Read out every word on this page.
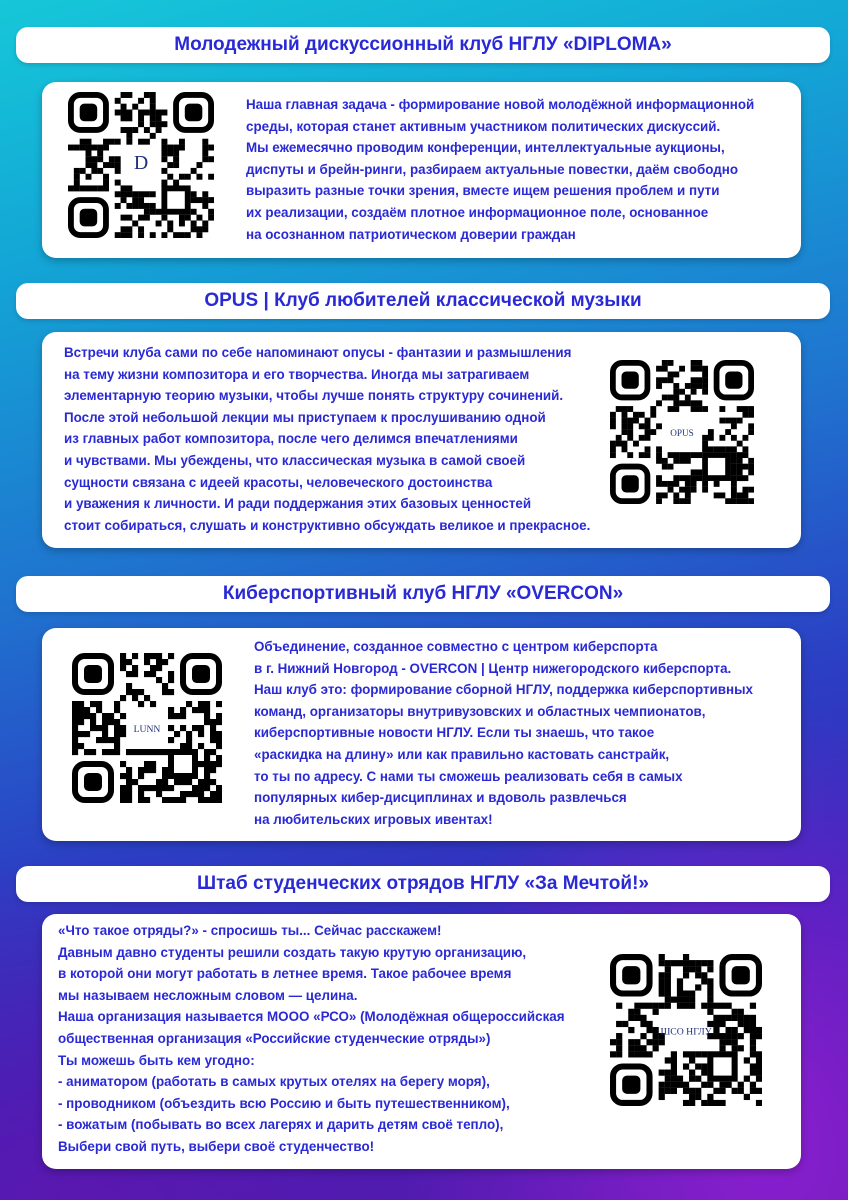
Молодежный дискуссионный клуб НГЛУ «DIPLOMA»
D
Наша главная задача - формирование новой молодёжной информационной
среды, которая станет активным участником политических дискуссий.
Мы ежемесячно проводим конференции, интеллектуальные аукционы,
диспуты и брейн-ринги, разбираем актуальные повестки, даём свободно
выразить разные точки зрения, вместе ищем решения проблем и пути
их реализации, создаём плотное информационное поле, основанное
на осознанном патриотическом доверии граждан
OPUS | Клуб любителей классической музыки
Встречи клуба сами по себе напоминают опусы - фантазии и размышления
на тему жизни композитора и его творчества. Иногда мы затрагиваем
элементарную теорию музыки, чтобы лучше понять структуру сочинений.
После этой небольшой лекции мы приступаем к прослушиванию одной
из главных работ композитора, после чего делимся впечатлениями
и чувствами. Мы убеждены, что классическая музыка в самой своей
сущности связана с идеей красоты, человеческого достоинства
и уважения к личности. И ради поддержания этих базовых ценностей
стоит собираться, слушать и конструктивно обсуждать великое и прекрасное.
OPUS
Киберспортивный клуб НГЛУ «OVERCON»
LUNN
Объединение, созданное совместно с центром киберспорта
в г. Нижний Новгород - OVERCON | Центр нижегородского киберспорта.
Наш клуб это: формирование сборной НГЛУ, поддержка киберспортивных
команд, организаторы внутривузовских и областных чемпионатов,
киберспортивные новости НГЛУ. Если ты знаешь, что такое
«раскидка на длину» или как правильно кастовать санстрайк,
то ты по адресу. С нами ты сможешь реализовать себя в самых
популярных кибер-дисциплинах и вдоволь развлечься
на любительских игровых ивентах!
Штаб студенческих отрядов НГЛУ «За Мечтой!»
«Что такое отряды?» - спросишь ты... Сейчас расскажем!
Давным давно студенты решили создать такую крутую организацию,
в которой они могут работать в летнее время. Такое рабочее время
мы называем несложным словом — целина.
Наша организация называется МООО «РСО» (Молодёжная общероссийская
общественная организация «Российские студенческие отряды»)
Ты можешь быть кем угодно:
- аниматором (работать в самых крутых отелях на берегу моря),
- проводником (объездить всю Россию и быть путешественником),
- вожатым (побывать во всех лагерях и дарить детям своё тепло),
Выбери свой путь, выбери своё студенчество!
ШСО НГЛУ
